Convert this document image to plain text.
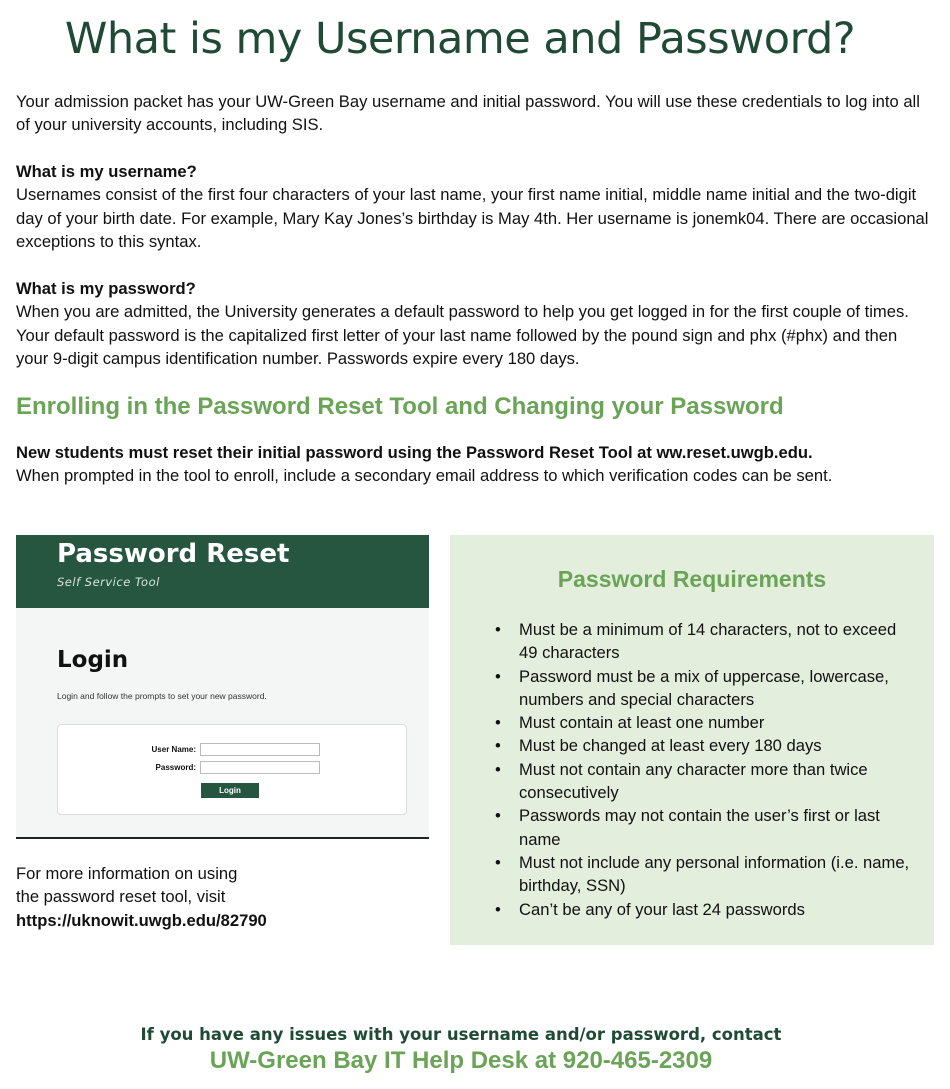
What is my Username and Password?

Your admission packet has your UW-Green Bay username and initial password. You will use these credentials to log into all of your university accounts, including SIS.

What is my username?
Usernames consist of the first four characters of your last name, your first name initial, middle name initial and the two-digit day of your birth date. For example, Mary Kay Jones’s birthday is May 4th. Her username is jonemk04. There are occasional exceptions to this syntax.
What is my password?
When you are admitted, the University generates a default password to help you get logged in for the first couple of times. Your default password is the capitalized first letter of your last name followed by the pound sign and phx (#phx) and then your 9-digit campus identification number. Passwords expire every 180 days.
Enrolling in the Password Reset Tool and Changing your Password
New students must reset their initial password using the Password Reset Tool at ww.reset.uwgb.edu.
When prompted in the tool to enroll, include a secondary email address to which verification codes can be sent.
Password Reset
Self Service Tool
Login
Login and follow the prompts to set your new password.
User Name:
Password:
Login
For more information on using
the password reset tool, visit
https://uknowit.uwgb.edu/82790
Password Requirements
• Must be a minimum of 14 characters, not to exceed 49 characters
• Password must be a mix of uppercase, lowercase, numbers and special characters
• Must contain at least one number
• Must be changed at least every 180 days
• Must not contain any character more than twice consecutively
• Passwords may not contain the user’s first or last name
• Must not include any personal information (i.e. name, birthday, SSN)
• Can’t be any of your last 24 passwords

If you have any issues with your username and/or password, contact

UW-Green Bay IT Help Desk at 920-465-2309
